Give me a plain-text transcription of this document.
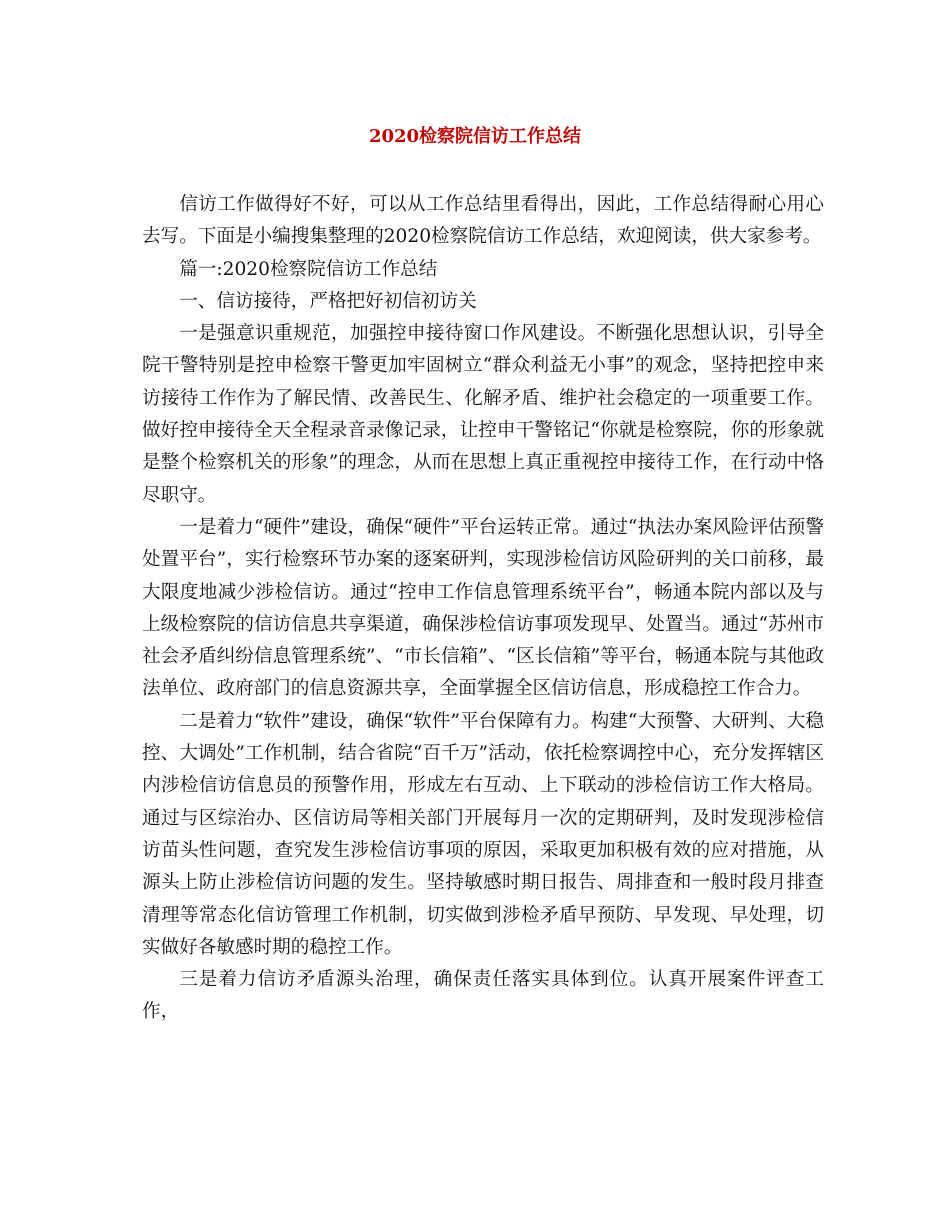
2020检察院信访工作总结

信访工作做得好不好，可以从工作总结里看得出，因此，工作总结得耐心用心去写。下面是小编搜集整理的2020检察院信访工作总结，欢迎阅读，供大家参考。

篇一:2020检察院信访工作总结

一、信访接待，严格把好初信初访关

一是强意识重规范，加强控申接待窗口作风建设。不断强化思想认识，引导全院干警特别是控申检察干警更加牢固树立“群众利益无小事”的观念，坚持把控申来访接待工作作为了解民情、改善民生、化解矛盾、维护社会稳定的一项重要工作。做好控申接待全天全程录音录像记录，让控申干警铭记“你就是检察院，你的形象就是整个检察机关的形象”的理念，从而在思想上真正重视控申接待工作，在行动中恪尽职守。

一是着力“硬件”建设，确保“硬件”平台运转正常。通过“执法办案风险评估预警处置平台”，实行检察环节办案的逐案研判，实现涉检信访风险研判的关口前移，最大限度地减少涉检信访。通过“控申工作信息管理系统平台”，畅通本院内部以及与上级检察院的信访信息共享渠道，确保涉检信访事项发现早、处置当。通过“苏州市社会矛盾纠纷信息管理系统”、“市长信箱”、“区长信箱”等平台，畅通本院与其他政法单位、政府部门的信息资源共享，全面掌握全区信访信息，形成稳控工作合力。

二是着力“软件”建设，确保“软件”平台保障有力。构建“大预警、大研判、大稳控、大调处”工作机制，结合省院“百千万”活动，依托检察调控中心，充分发挥辖区内涉检信访信息员的预警作用，形成左右互动、上下联动的涉检信访工作大格局。通过与区综治办、区信访局等相关部门开展每月一次的定期研判，及时发现涉检信访苗头性问题，查究发生涉检信访事项的原因，采取更加积极有效的应对措施，从源头上防止涉检信访问题的发生。坚持敏感时期日报告、周排查和一般时段月排查清理等常态化信访管理工作机制，切实做到涉检矛盾早预防、早发现、早处理，切实做好各敏感时期的稳控工作。

三是着力信访矛盾源头治理，确保责任落实具体到位。认真开展案件评查工作，
